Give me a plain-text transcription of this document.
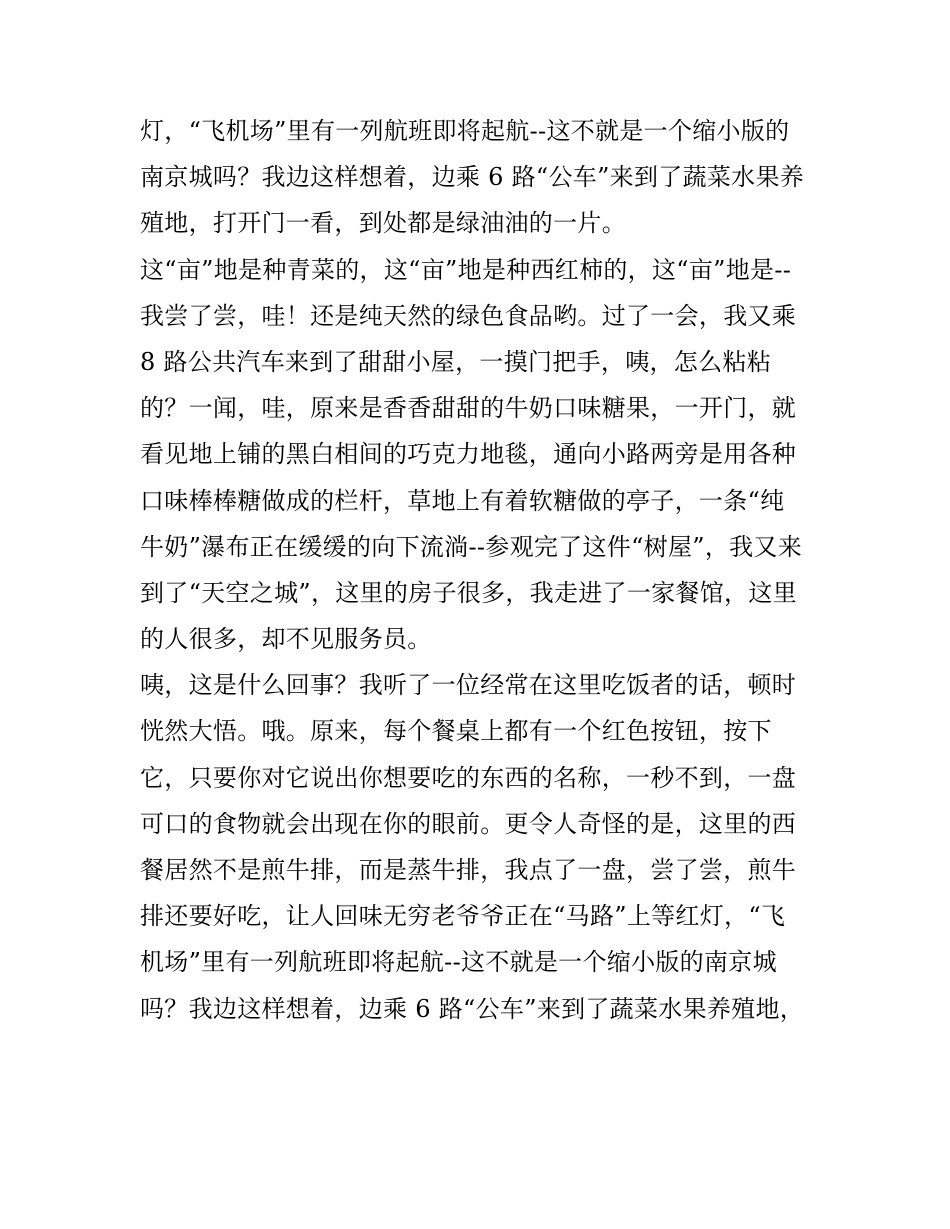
灯，“飞机场”里有一列航班即将起航--这不就是一个缩小版的
南京城吗？我边这样想着，边乘 6 路“公车”来到了蔬菜水果养
殖地，打开门一看，到处都是绿油油的一片。
这“亩”地是种青菜的，这“亩”地是种西红柿的，这“亩”地是--
我尝了尝，哇！还是纯天然的绿色食品哟。过了一会，我又乘
8 路公共汽车来到了甜甜小屋，一摸门把手，咦，怎么粘粘
的？一闻，哇，原来是香香甜甜的牛奶口味糖果，一开门，就
看见地上铺的黑白相间的巧克力地毯，通向小路两旁是用各种
口味棒棒糖做成的栏杆，草地上有着软糖做的亭子，一条“纯
牛奶”瀑布正在缓缓的向下流淌--参观完了这件“树屋”，我又来
到了“天空之城”，这里的房子很多，我走进了一家餐馆，这里
的人很多，却不见服务员。
咦，这是什么回事？我听了一位经常在这里吃饭者的话，顿时
恍然大悟。哦。原来，每个餐桌上都有一个红色按钮，按下
它，只要你对它说出你想要吃的东西的名称，一秒不到，一盘
可口的食物就会出现在你的眼前。更令人奇怪的是，这里的西
餐居然不是煎牛排，而是蒸牛排，我点了一盘，尝了尝，煎牛
排还要好吃，让人回味无穷老爷爷正在“马路”上等红灯，“飞
机场”里有一列航班即将起航--这不就是一个缩小版的南京城
吗？我边这样想着，边乘 6 路“公车”来到了蔬菜水果养殖地，
